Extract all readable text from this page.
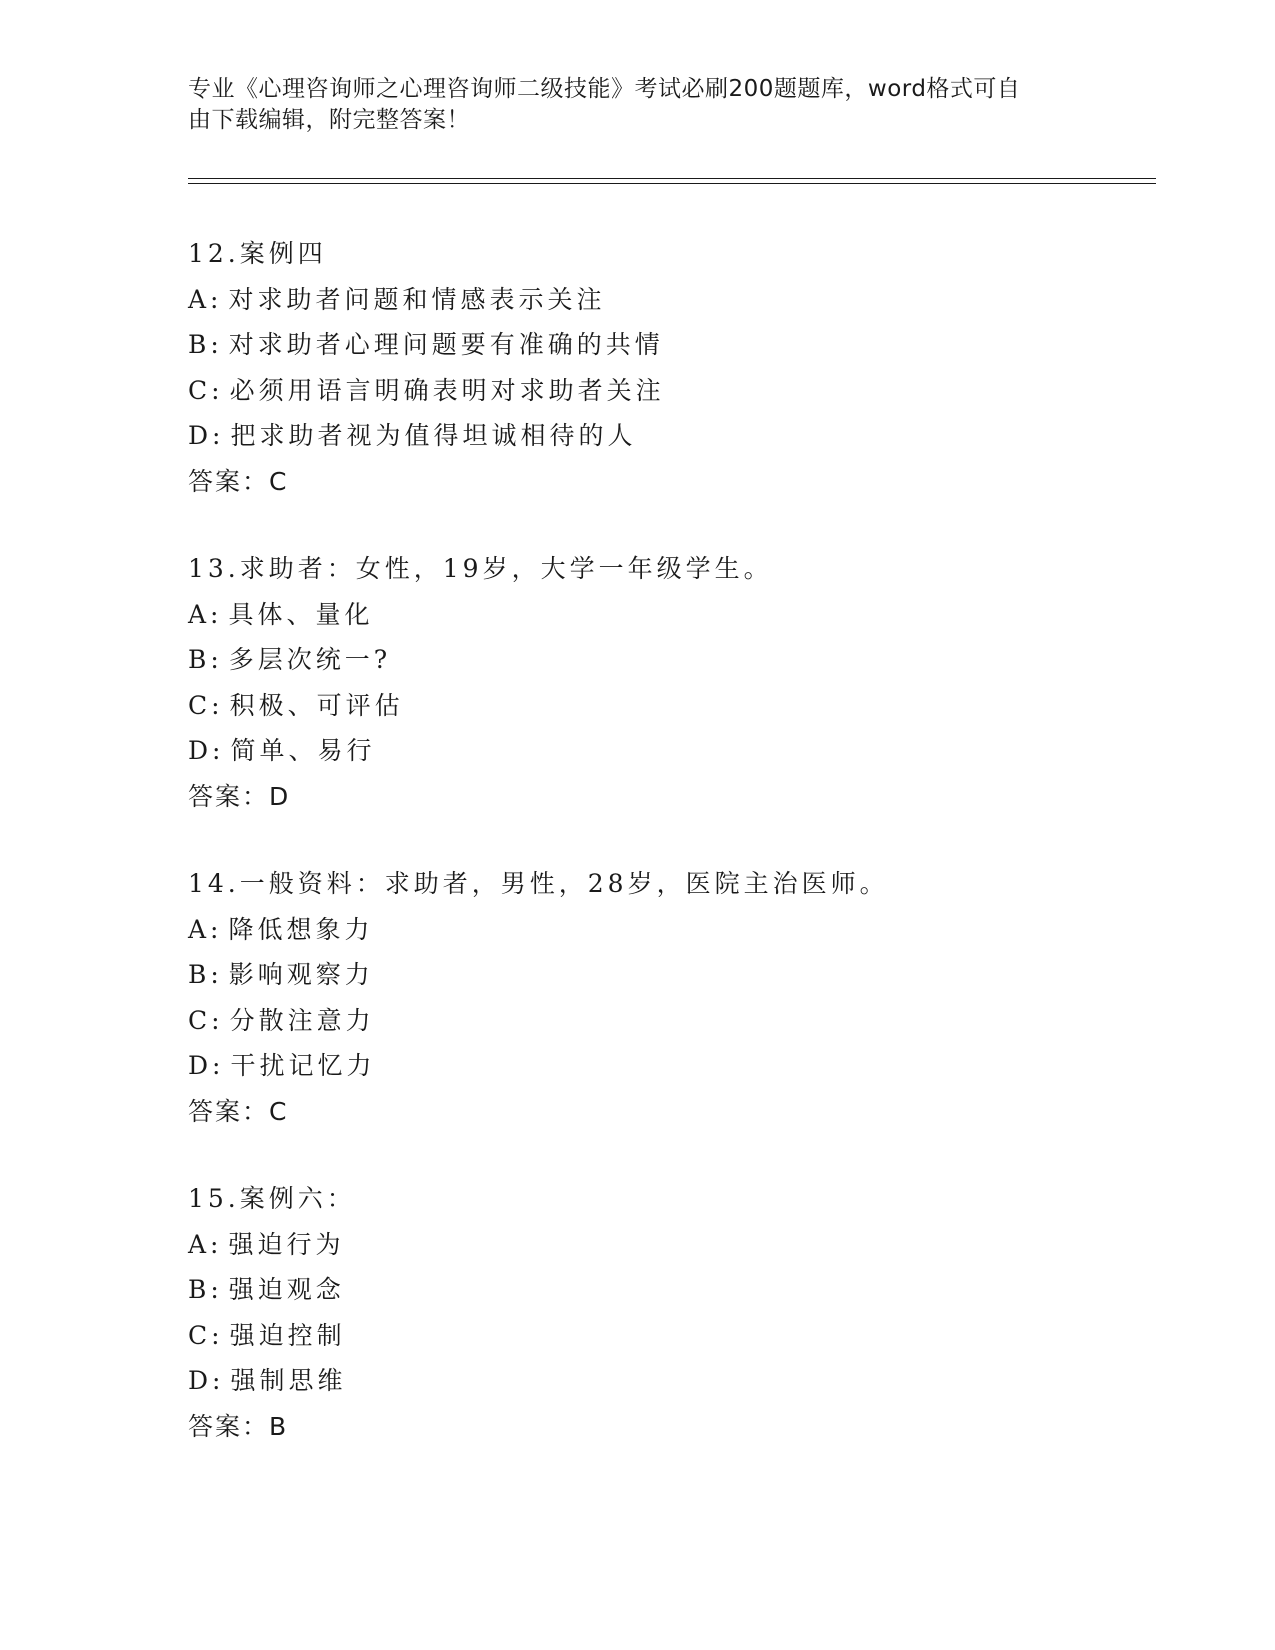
专业《心理咨询师之心理咨询师二级技能》考试必刷200题题库，word格式可自
由下载编辑，附完整答案！
12.案例四
A: 对求助者问题和情感表示关注
B: 对求助者心理问题要有准确的共情
C: 必须用语言明确表明对求助者关注
D: 把求助者视为值得坦诚相待的人
答案：C
13.求助者：女性，19岁，大学一年级学生。
A: 具体、量化
B: 多层次统一?
C: 积极、可评估
D: 简单、易行
答案：D
14.一般资料：求助者，男性，28岁，医院主治医师。
A: 降低想象力
B: 影响观察力
C: 分散注意力
D: 干扰记忆力
答案：C
15.案例六：
A: 强迫行为
B: 强迫观念
C: 强迫控制
D: 强制思维
答案：B
